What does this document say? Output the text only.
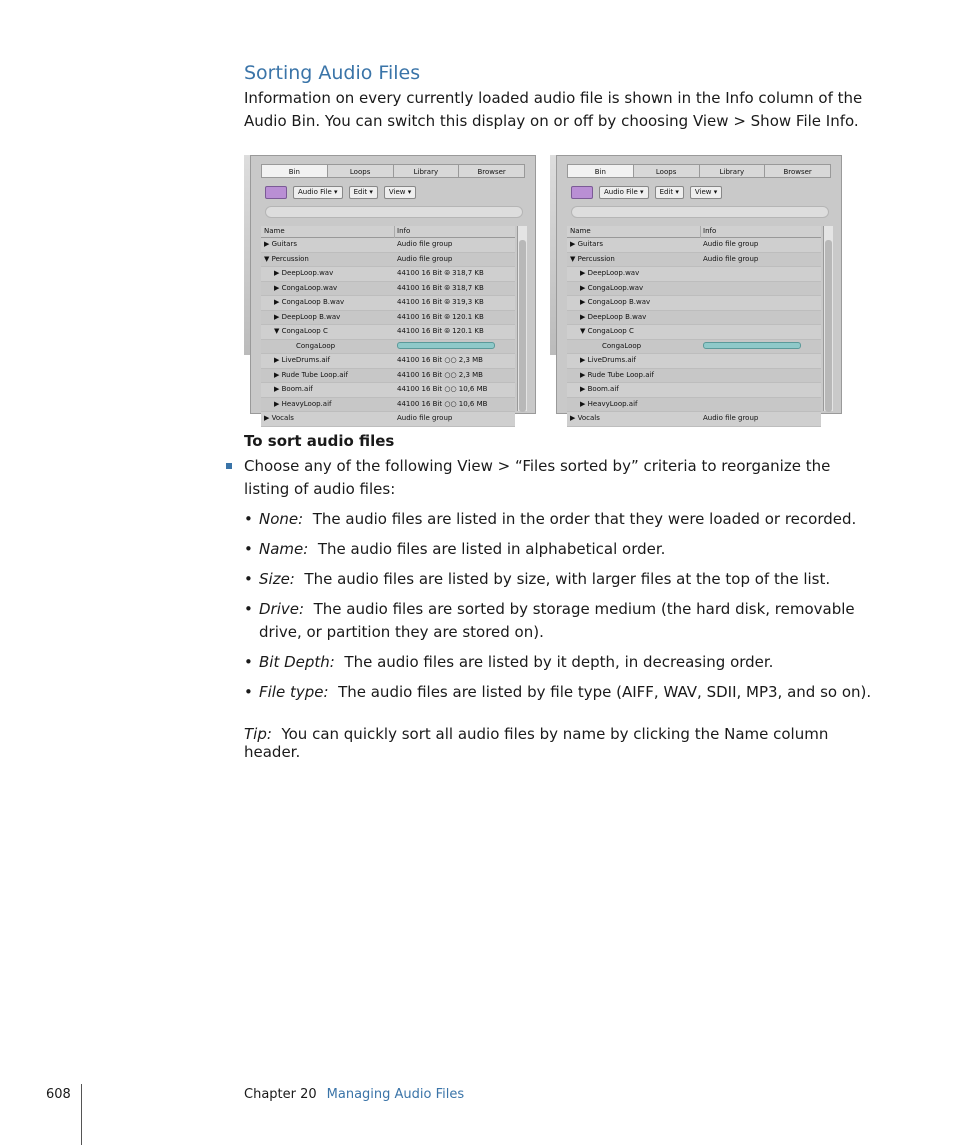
Sorting Audio Files
Information on every currently loaded audio file is shown in the Info column of the Audio Bin. You can switch this display on or off by choosing View > Show File Info.
Bin	Loops	Library	Browser
Audio File ▾	Edit ▾	View ▾
Name	Info
▶ Guitars	Audio file group
▼ Percussion	Audio file group
▶ DeepLoop.wav	44100 16 Bit ⦾ 318,7 KB
▶ CongaLoop.wav	44100 16 Bit ⦾ 318,7 KB
▶ CongaLoop B.wav	44100 16 Bit ⦾ 319,3 KB
▶ DeepLoop B.wav	44100 16 Bit ⦾ 120.1 KB
▼ CongaLoop C	44100 16 Bit ⦾ 120.1 KB
CongaLoop
▶ LiveDrums.aif	44100 16 Bit ○○ 2,3 MB
▶ Rude Tube Loop.aif	44100 16 Bit ○○ 2,3 MB
▶ Boom.aif	44100 16 Bit ○○ 10,6 MB
▶ HeavyLoop.aif	44100 16 Bit ○○ 10,6 MB
▶ Vocals	Audio file group
Bin	Loops	Library	Browser
Audio File ▾	Edit ▾	View ▾
Name	Info
▶ Guitars	Audio file group
▼ Percussion	Audio file group
▶ DeepLoop.wav
▶ CongaLoop.wav
▶ CongaLoop B.wav
▶ DeepLoop B.wav
▼ CongaLoop C
CongaLoop
▶ LiveDrums.aif
▶ Rude Tube Loop.aif
▶ Boom.aif
▶ HeavyLoop.aif
▶ Vocals	Audio file group
To sort audio files
Choose any of the following View > “Files sorted by” criteria to reorganize the listing of audio files:
• None: The audio files are listed in the order that they were loaded or recorded.
• Name: The audio files are listed in alphabetical order.
• Size: The audio files are listed by size, with larger files at the top of the list.
• Drive: The audio files are sorted by storage medium (the hard disk, removable drive, or partition they are stored on).
• Bit Depth: The audio files are listed by it depth, in decreasing order.
• File type: The audio files are listed by file type (AIFF, WAV, SDII, MP3, and so on).
Tip: You can quickly sort all audio files by name by clicking the Name column header.
608	Chapter 20 Managing Audio Files
